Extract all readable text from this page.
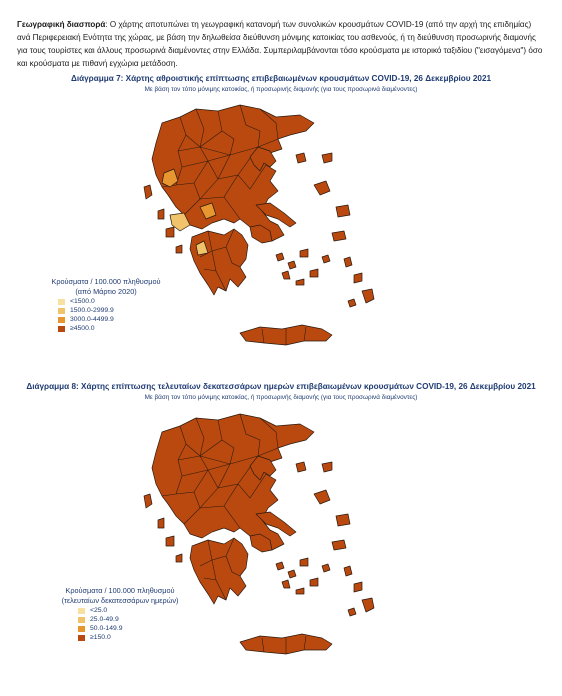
Γεωγραφική διασπορά: Ο χάρτης αποτυπώνει τη γεωγραφική κατανομή των συνολικών κρουσμάτων COVID-19 (από την αρχή της επιδημίας) ανά Περιφερειακή Ενότητα της χώρας, με βάση την δηλωθείσα διεύθυνση μόνιμης κατοικίας του ασθενούς, ή τη διεύθυνση προσωρινής διαμονής για τους τουρίστες και άλλους προσωρινά διαμένοντες στην Ελλάδα. Συμπεριλαμβάνονται τόσο κρούσματα με ιστορικό ταξιδίου ("εισαγόμενα") όσο και κρούσματα με πιθανή εγχώρια μετάδοση.
Διάγραμμα 7: Χάρτης αθροιστικής επίπτωσης επιβεβαιωμένων κρουσμάτων COVID-19, 26 Δεκεμβρίου 2021
Με βάση τον τόπο μόνιμης κατοικίας, ή προσωρινής διαμονής (για τους προσωρινά διαμένοντες)
Κρούσματα / 100.000 πληθυσμού
(από Μάρτιο 2020)
<1500.0
1500.0-2999.9
3000.0-4499.9
≥4500.0
Διάγραμμα 8: Χάρτης επίπτωσης τελευταίων δεκατεσσάρων ημερών επιβεβαιωμένων κρουσμάτων COVID-19, 26 Δεκεμβρίου 2021
Με βάση τον τόπο μόνιμης κατοικίας, ή προσωρινής διαμονής (για τους προσωρινά διαμένοντες)
Κρούσματα / 100.000 πληθυσμού
(τελευταίων δεκατεσσάρων ημερών)
<25.0
25.0-49.9
50.0-149.9
≥150.0
